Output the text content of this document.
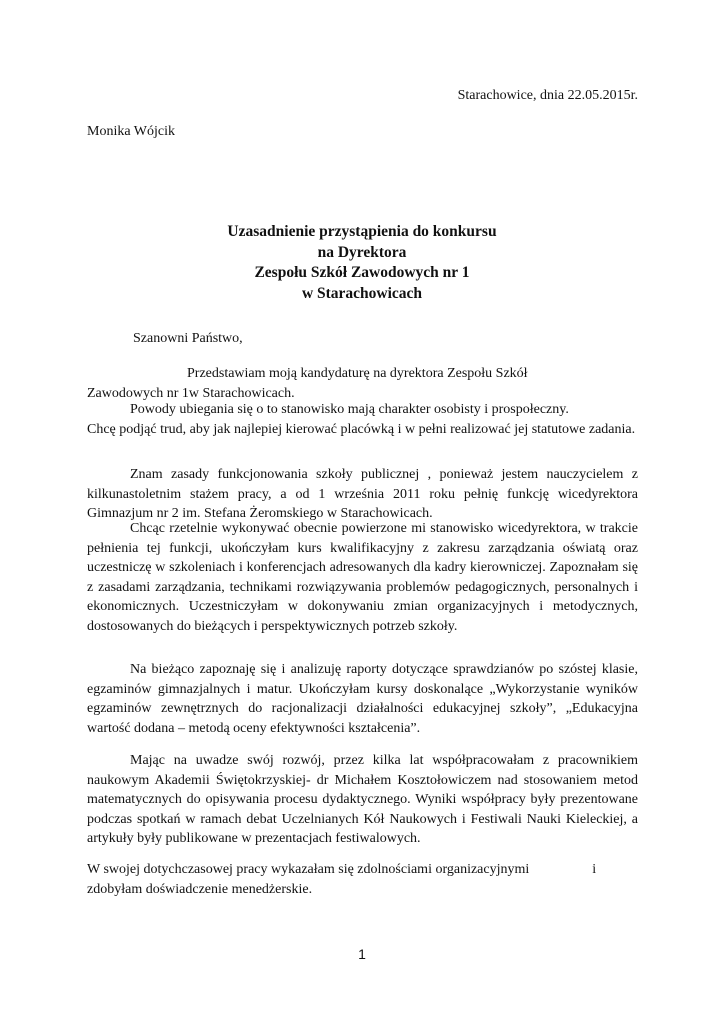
Starachowice, dnia 22.05.2015r.

Monika Wójcik

Uzasadnienie przystąpienia do konkursu
na Dyrektora
Zespołu Szkół Zawodowych nr 1
w Starachowicach

Szanowni Państwo,

Przedstawiam moją kandydaturę na dyrektora Zespołu Szkół
Zawodowych nr 1w Starachowicach.

Powody ubiegania się o to stanowisko mają charakter osobisty i prospołeczny.

Chcę podjąć trud, aby jak najlepiej kierować placówką i w pełni realizować jej statutowe zadania.

Znam zasady funkcjonowania szkoły publicznej , ponieważ jestem nauczycielem z kilkunastoletnim stażem pracy, a od 1 września 2011 roku pełnię funkcję wicedyrektora Gimnazjum nr 2 im. Stefana Żeromskiego w Starachowicach.

Chcąc rzetelnie wykonywać obecnie powierzone mi stanowisko wicedyrektora, w trakcie pełnienia tej funkcji, ukończyłam kurs kwalifikacyjny z zakresu zarządzania oświatą oraz uczestniczę w szkoleniach i konferencjach adresowanych dla kadry kierowniczej. Zapoznałam się z zasadami zarządzania, technikami rozwiązywania problemów pedagogicznych, personalnych i ekonomicznych. Uczestniczyłam w dokonywaniu zmian organizacyjnych i metodycznych, dostosowanych do bieżących i perspektywicznych potrzeb szkoły.

Na bieżąco zapoznaję się i analizuję raporty dotyczące sprawdzianów po szóstej klasie, egzaminów gimnazjalnych i matur. Ukończyłam kursy doskonalące „Wykorzystanie wyników egzaminów zewnętrznych do racjonalizacji działalności edukacyjnej szkoły”, „Edukacyjna wartość dodana – metodą oceny efektywności kształcenia”.

Mając na uwadze swój rozwój, przez kilka lat współpracowałam z pracownikiem naukowym Akademii Świętokrzyskiej- dr Michałem Kosztołowiczem nad stosowaniem metod matematycznych do opisywania procesu dydaktycznego. Wyniki współpracy były prezentowane podczas spotkań w ramach debat Uczelnianych Kół Naukowych i Festiwali Nauki Kieleckiej, a artykuły były publikowane w prezentacjach festiwalowych.

W swojej dotychczasowej pracy wykazałam się zdolnościami organizacyjnymi                  i
zdobyłam doświadczenie menedżerskie.

1
